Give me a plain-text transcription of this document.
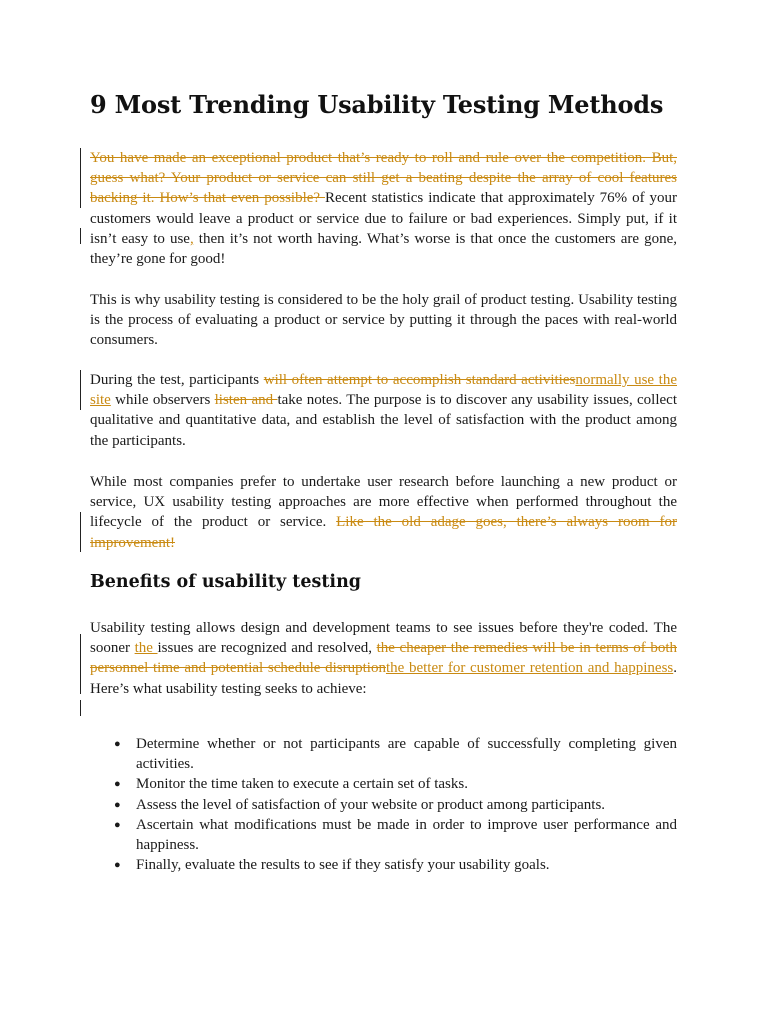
9 Most Trending Usability Testing Methods

You have made an exceptional product that’s ready to roll and rule over the competition. But, guess what? Your product or service can still get a beating despite the array of cool features backing it. How’s that even possible? Recent statistics indicate that approximately 76% of your customers would leave a product or service due to failure or bad experiences. Simply put, if it isn’t easy to use, then it’s not worth having. What’s worse is that once the customers are gone, they’re gone for good!

This is why usability testing is considered to be the holy grail of product testing. Usability testing is the process of evaluating a product or service by putting it through the paces with real-world consumers.

During the test, participants will often attempt to accomplish standard activitiesnormally use the site while observers listen and take notes. The purpose is to discover any usability issues, collect qualitative and quantitative data, and establish the level of satisfaction with the product among the participants.

While most companies prefer to undertake user research before launching a new product or service, UX usability testing approaches are more effective when performed throughout the lifecycle of the product or service. Like the old adage goes, there’s always room for improvement!

Benefits of usability testing

Usability testing allows design and development teams to see issues before they're coded. The sooner the issues are recognized and resolved, the cheaper the remedies will be in terms of both personnel time and potential schedule disruptionthe better for customer retention and happiness. Here’s what usability testing seeks to achieve:

● Determine whether or not participants are capable of successfully completing given activities.
● Monitor the time taken to execute a certain set of tasks.
● Assess the level of satisfaction of your website or product among participants.
● Ascertain what modifications must be made in order to improve user performance and happiness.
● Finally, evaluate the results to see if they satisfy your usability goals.
